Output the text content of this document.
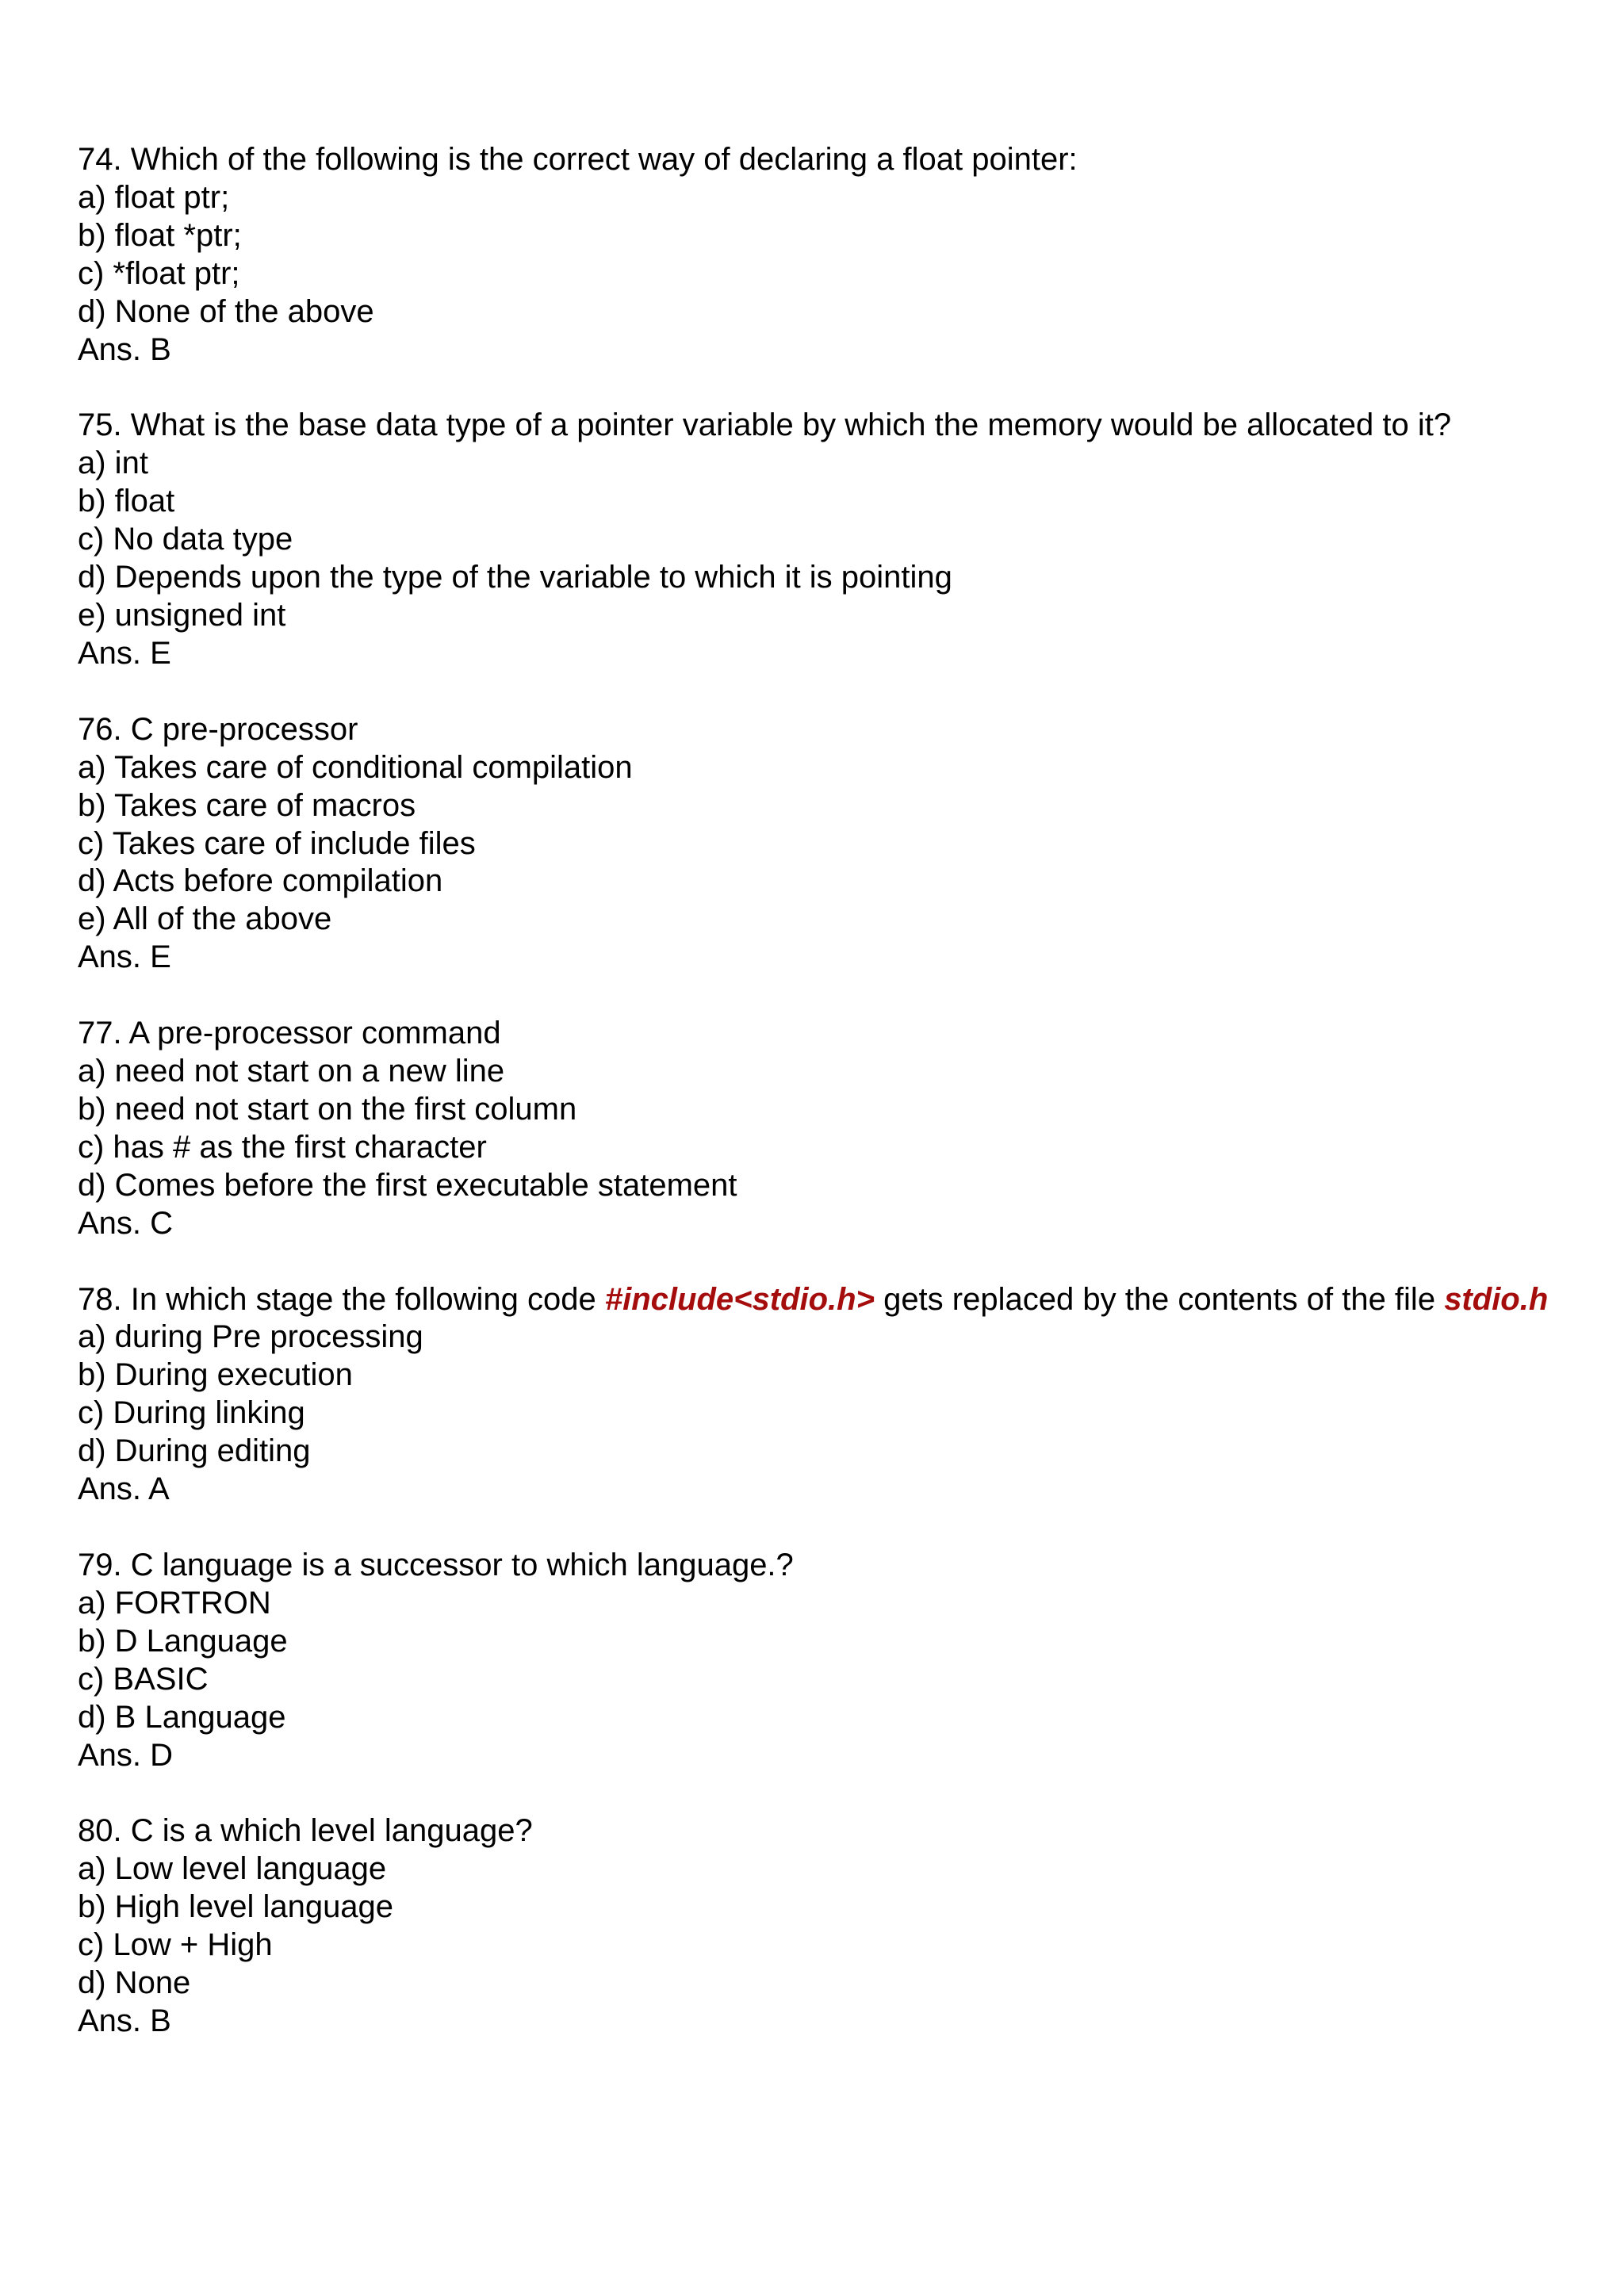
74. Which of the following is the correct way of declaring a float pointer:
a) float ptr;
b) float *ptr;
c) *float ptr;
d) None of the above
Ans. B
75. What is the base data type of a pointer variable by which the memory would be allocated to it?
a) int
b) float
c) No data type
d) Depends upon the type of the variable to which it is pointing
e) unsigned int
Ans. E
76. C pre-processor
a) Takes care of conditional compilation
b) Takes care of macros
c) Takes care of include files
d) Acts before compilation
e) All of the above
Ans. E
77. A pre-processor command
a) need not start on a new line
b) need not start on the first column
c) has # as the first character
d) Comes before the first executable statement
Ans. C
78. In which stage the following code #include<stdio.h> gets replaced by the contents of the file stdio.h
a) during Pre processing
b) During execution
c) During linking
d) During editing
Ans. A
79. C language is a successor to which language.?
a) FORTRON
b) D Language
c) BASIC
d) B Language
Ans. D
80. C is a which level language?
a) Low level language
b) High level language
c) Low + High
d) None
Ans. B
